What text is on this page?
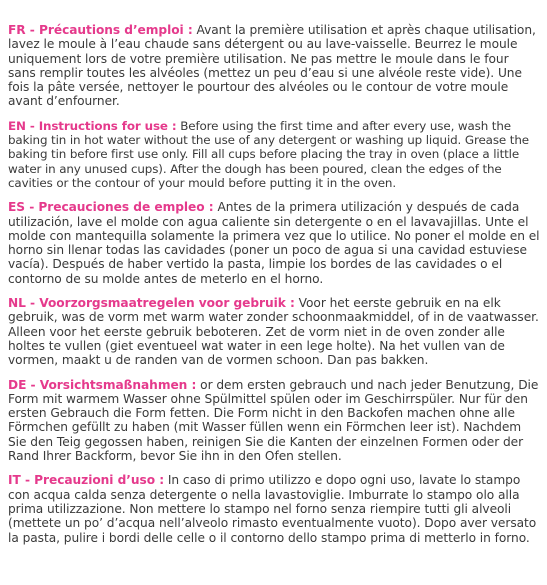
FR - Précautions d’emploi : Avant la première utilisation et après chaque utilisation, lavez le moule à l’eau chaude sans détergent ou au lave-vaisselle. Beurrez le moule uniquement lors de votre première utilisation. Ne pas mettre le moule dans le four sans remplir toutes les alvéoles (mettez un peu d’eau si une alvéole reste vide). Une fois la pâte versée, nettoyer le pourtour des alvéoles ou le contour de votre moule avant d’enfourner.

EN - Instructions for use : Before using the first time and after every use, wash the baking tin in hot water without the use of any detergent or washing up liquid. Grease the baking tin before first use only. Fill all cups before placing the tray in oven (place a little water in any unused cups). After the dough has been poured, clean the edges of the cavities or the contour of your mould before putting it in the oven.

ES - Precauciones de empleo : Antes de la primera utilización y después de cada utilización, lave el molde con agua caliente sin detergente o en el lavavajillas. Unte el molde con mantequilla solamente la primera vez que lo utilice. No poner el molde en el horno sin llenar todas las cavidades (poner un poco de agua si una cavidad estuviese vacía). Después de haber vertido la pasta, limpie los bordes de las cavidades o el contorno de su molde antes de meterlo en el horno.

NL - Voorzorgsmaatregelen voor gebruik : Voor het eerste gebruik en na elk gebruik, was de vorm met warm water zonder schoonmaakmiddel, of in de vaatwasser. Alleen voor het eerste gebruik beboteren. Zet de vorm niet in de oven zonder alle holtes te vullen (giet eventueel wat water in een lege holte). Na het vullen van de vormen, maakt u de randen van de vormen schoon. Dan pas bakken.

DE - Vorsichtsmaßnahmen : or dem ersten gebrauch und nach jeder Benutzung, Die Form mit warmem Wasser ohne Spülmittel spülen oder im Geschirrspüler. Nur für den ersten Gebrauch die Form fetten. Die Form nicht in den Backofen machen ohne alle Förmchen gefüllt zu haben (mit Wasser füllen wenn ein Förmchen leer ist). Nachdem Sie den Teig gegossen haben, reinigen Sie die Kanten der einzelnen Formen oder der Rand Ihrer Backform, bevor Sie ihn in den Ofen stellen.

IT - Precauzioni d’uso : In caso di primo utilizzo e dopo ogni uso, lavate lo stampo con acqua calda senza detergente o nella lavastoviglie. Imburrate lo stampo olo alla prima utilizzazione. Non mettere lo stampo nel forno senza riempire tutti gli alveoli (mettete un po’ d’acqua nell’alveolo rimasto eventualmente vuoto). Dopo aver versato la pasta, pulire i bordi delle celle o il contorno dello stampo prima di metterlo in forno.
